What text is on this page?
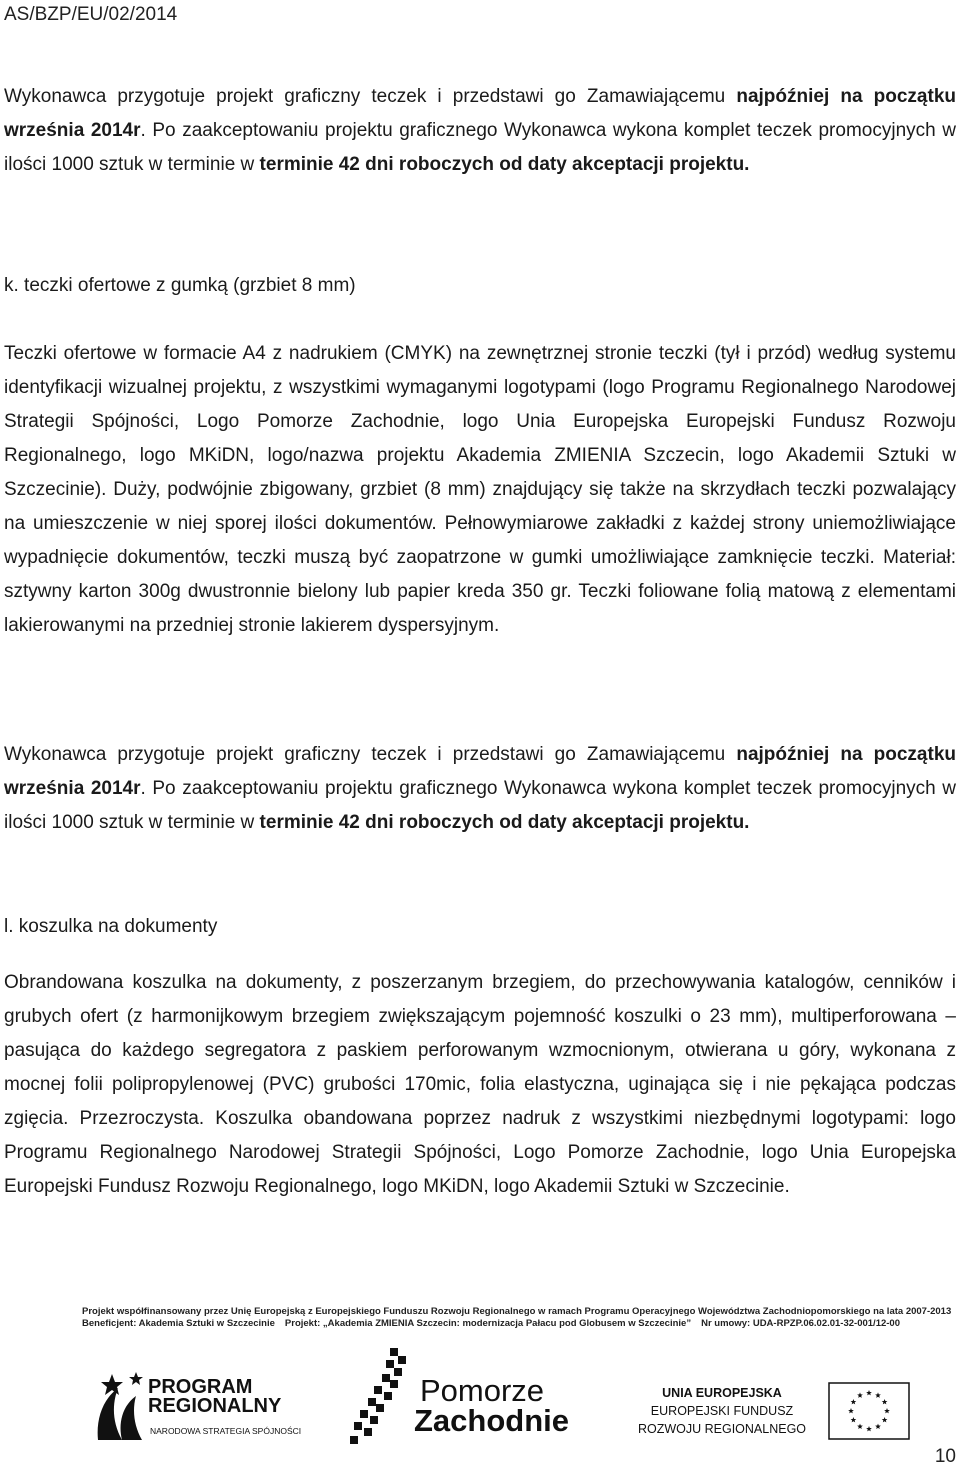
AS/BZP/EU/02/2014

Wykonawca przygotuje projekt graficzny teczek i przedstawi go Zamawiającemu najpóźniej na początku września 2014r. Po zaakceptowaniu projektu graficznego Wykonawca wykona komplet teczek promocyjnych w ilości 1000 sztuk w terminie w terminie 42 dni roboczych od daty akceptacji projektu.

k. teczki ofertowe z gumką (grzbiet 8 mm)

Teczki ofertowe w formacie A4 z nadrukiem (CMYK) na zewnętrznej stronie teczki (tył i przód) według systemu identyfikacji wizualnej projektu, z wszystkimi wymaganymi logotypami (logo Programu Regionalnego Narodowej Strategii Spójności, Logo Pomorze Zachodnie, logo Unia Europejska Europejski Fundusz Rozwoju Regionalnego, logo MKiDN, logo/nazwa projektu Akademia ZMIENIA Szczecin, logo Akademii Sztuki w Szczecinie). Duży, podwójnie zbigowany, grzbiet (8 mm) znajdujący się także na skrzydłach teczki pozwalający na umieszczenie w niej sporej ilości dokumentów. Pełnowymiarowe zakładki z każdej strony uniemożliwiające wypadnięcie dokumentów, teczki muszą być zaopatrzone w gumki umożliwiające zamknięcie teczki. Materiał: sztywny karton 300g dwustronnie bielony lub papier kreda 350 gr. Teczki foliowane folią matową z elementami lakierowanymi na przedniej stronie lakierem dyspersyjnym.

Wykonawca przygotuje projekt graficzny teczek i przedstawi go Zamawiającemu najpóźniej na początku września 2014r. Po zaakceptowaniu projektu graficznego Wykonawca wykona komplet teczek promocyjnych w ilości 1000 sztuk w terminie w terminie 42 dni roboczych od daty akceptacji projektu.

l. koszulka na dokumenty

Obrandowana koszulka na dokumenty, z poszerzanym brzegiem, do przechowywania katalogów, cenników i grubych ofert (z harmonijkowym brzegiem zwiększającym pojemność koszulki o 23 mm), multiperforowana – pasująca do każdego segregatora z paskiem perforowanym wzmocnionym, otwierana u góry, wykonana z mocnej folii polipropylenowej (PVC) grubości 170mic, folia elastyczna, uginająca się i nie pękająca podczas zgięcia. Przezroczysta. Koszulka obandowana poprzez nadruk z wszystkimi niezbędnymi logotypami: logo Programu Regionalnego Narodowej Strategii Spójności, Logo Pomorze Zachodnie, logo Unia Europejska Europejski Fundusz Rozwoju Regionalnego, logo MKiDN, logo Akademii Sztuki w Szczecinie.

Projekt współfinansowany przez Unię Europejską z Europejskiego Funduszu Rozwoju Regionalnego w ramach Programu Operacyjnego Województwa Zachodniopomorskiego na lata 2007-2013
Beneficjent: Akademia Sztuki w Szczecinie Projekt: „Akademia ZMIENIA Szczecin: modernizacja Pałacu pod Globusem w Szczecinie” Nr umowy: UDA-RPZP.06.02.01-32-001/12-00
PROGRAM
REGIONALNY
NARODOWA STRATEGIA SPÓJNOŚCI
Pomorze
Zachodnie
UNIA EUROPEJSKA
EUROPEJSKI FUNDUSZ
ROZWOJU REGIONALNEGO
10
